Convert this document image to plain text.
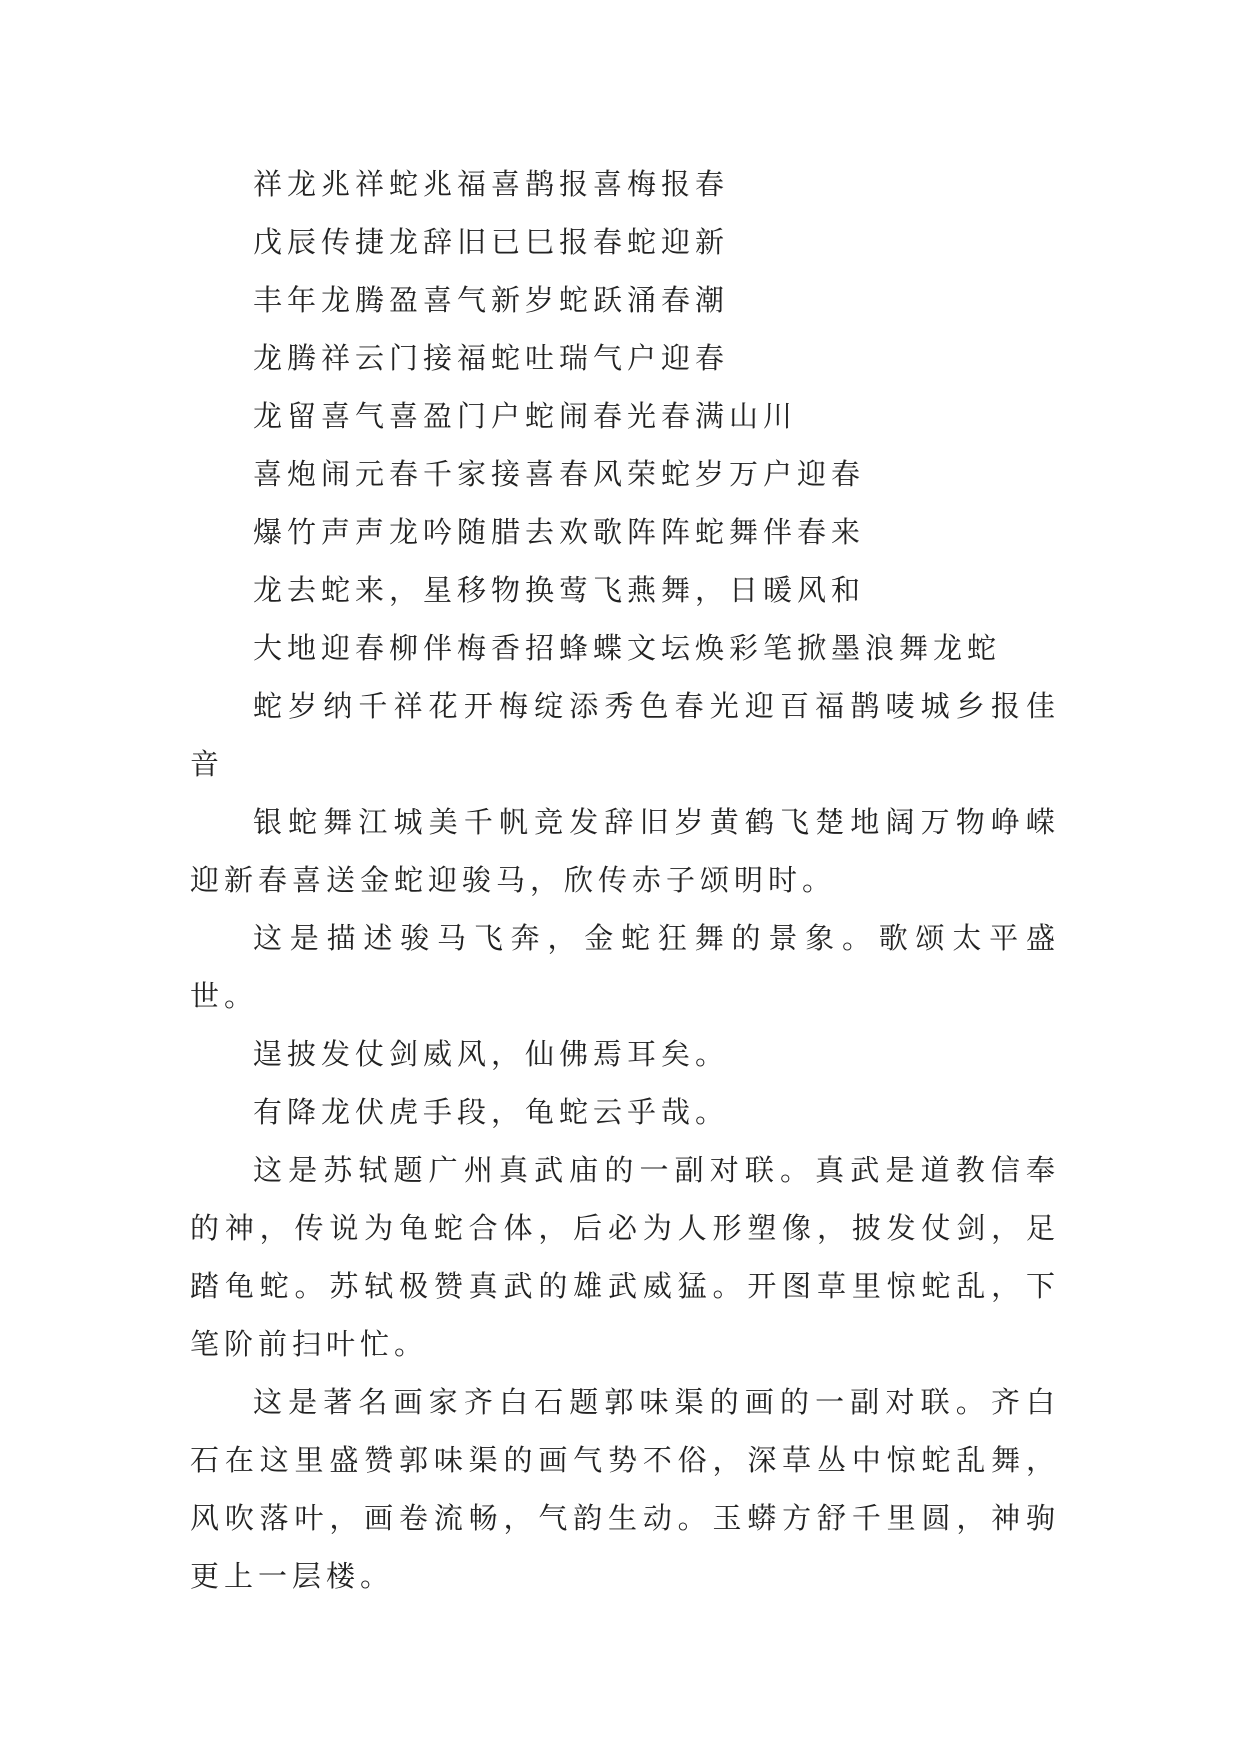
祥龙兆祥蛇兆福喜鹊报喜梅报春

戊辰传捷龙辞旧已巳报春蛇迎新

丰年龙腾盈喜气新岁蛇跃涌春潮

龙腾祥云门接福蛇吐瑞气户迎春

龙留喜气喜盈门户蛇闹春光春满山川

喜炮闹元春千家接喜春风荣蛇岁万户迎春

爆竹声声龙吟随腊去欢歌阵阵蛇舞伴春来

龙去蛇来，星移物换莺飞燕舞，日暖风和

大地迎春柳伴梅香招蜂蝶文坛焕彩笔掀墨浪舞龙蛇

蛇岁纳千祥花开梅绽添秀色春光迎百福鹊唛城乡报佳音

银蛇舞江城美千帆竞发辞旧岁黄鹤飞楚地阔万物峥嵘迎新春喜送金蛇迎骏马，欣传赤子颂明时。

这是描述骏马飞奔，金蛇狂舞的景象。歌颂太平盛世。

逞披发仗剑威风，仙佛焉耳矣。

有降龙伏虎手段，龟蛇云乎哉。

这是苏轼题广州真武庙的一副对联。真武是道教信奉的神，传说为龟蛇合体，后必为人形塑像，披发仗剑，足踏龟蛇。苏轼极赞真武的雄武威猛。开图草里惊蛇乱，下笔阶前扫叶忙。

这是著名画家齐白石题郭味渠的画的一副对联。齐白石在这里盛赞郭味渠的画气势不俗，深草丛中惊蛇乱舞，风吹落叶，画卷流畅，气韵生动。玉蟒方舒千里圆，神驹更上一层楼。
